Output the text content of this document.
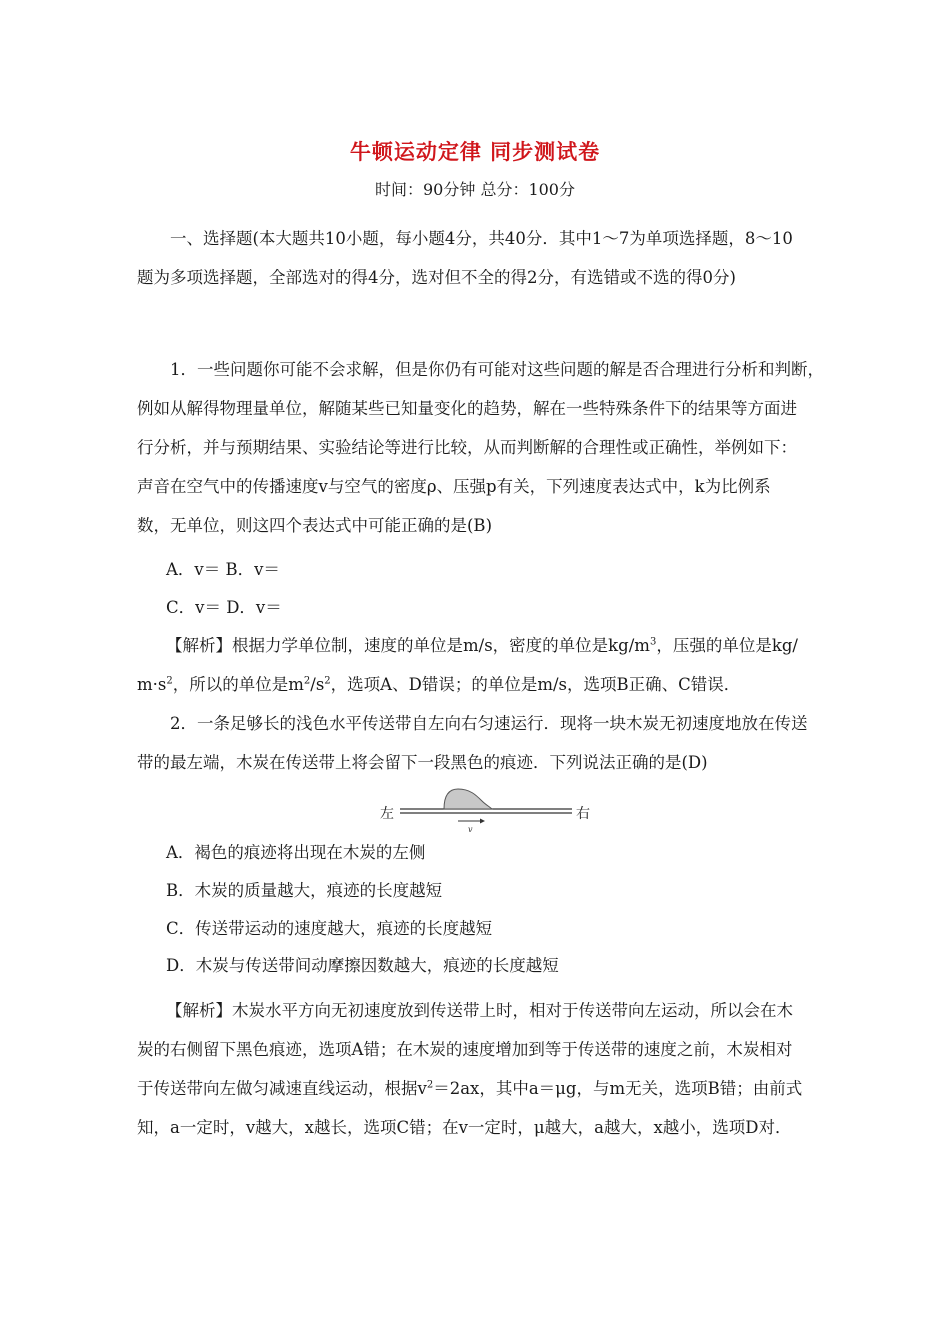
牛顿运动定律 同步测试卷
时间：90分钟 总分：100分
一、选择题(本大题共10小题，每小题4分，共40分．其中1～7为单项选择题，8～10
题为多项选择题，全部选对的得4分，选对但不全的得2分，有选错或不选的得0分)
1．一些问题你可能不会求解，但是你仍有可能对这些问题的解是否合理进行分析和判断，
例如从解得物理量单位，解随某些已知量变化的趋势，解在一些特殊条件下的结果等方面进
行分析，并与预期结果、实验结论等进行比较，从而判断解的合理性或正确性，举例如下：
声音在空气中的传播速度v与空气的密度ρ、压强p有关，下列速度表达式中，k为比例系
数，无单位，则这四个表达式中可能正确的是(B)
A．v＝ B．v＝
C．v＝ D．v＝
【解析】根据力学单位制，速度的单位是m/s，密度的单位是$kg/m^3$，压强的单位是kg/
$m\cdot s^2$，所以的单位是$m^2/s^2$，选项A、D错误；的单位是m/s，选项B正确、C错误．
2．一条足够长的浅色水平传送带自左向右匀速运行．现将一块木炭无初速度地放在传送
带的最左端，木炭在传送带上将会留下一段黑色的痕迹．下列说法正确的是(D)
左	右
v
A．褐色的痕迹将出现在木炭的左侧
B．木炭的质量越大，痕迹的长度越短
C．传送带运动的速度越大，痕迹的长度越短
D．木炭与传送带间动摩擦因数越大，痕迹的长度越短
【解析】木炭水平方向无初速度放到传送带上时，相对于传送带向左运动，所以会在木
炭的右侧留下黑色痕迹，选项A错；在木炭的速度增加到等于传送带的速度之前，木炭相对
于传送带向左做匀减速直线运动，根据$v^2=2ax$，其中a＝μg，与m无关，选项B错；由前式
知，a一定时，v越大，x越长，选项C错；在v一定时，μ越大，a越大，x越小，选项D对．
